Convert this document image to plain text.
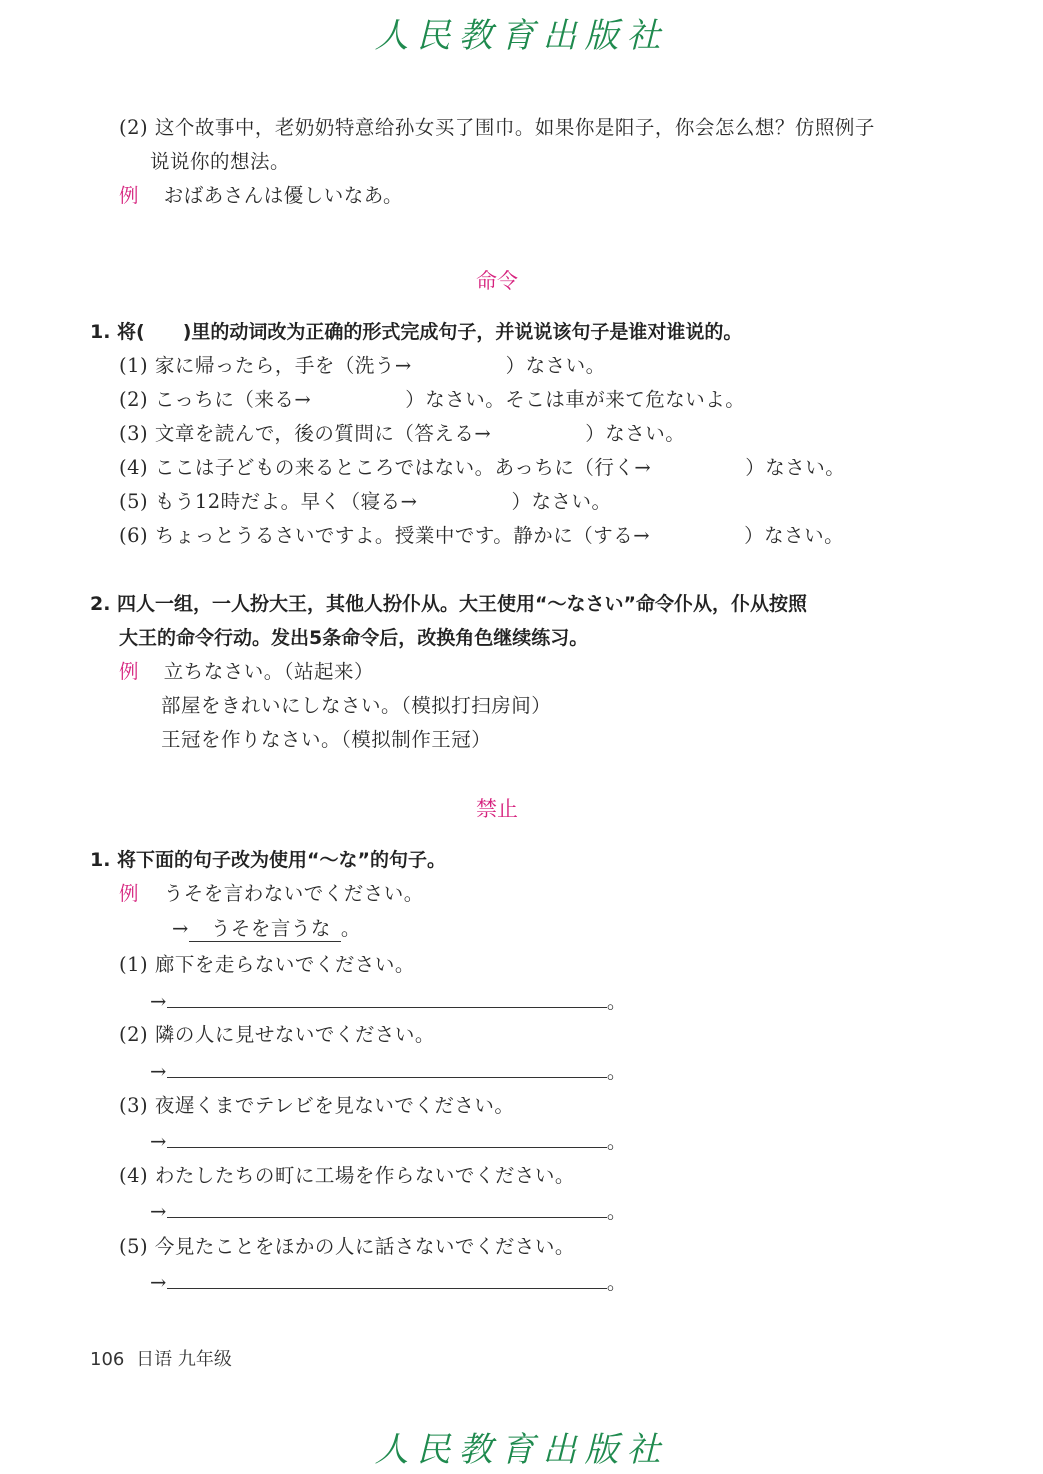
人民教育出版社
(2) 这个故事中，老奶奶特意给孙女买了围巾。如果你是阳子，你会怎么想？仿照例子
说说你的想法。
例 おばあさんは優しいなあ。
命令
1. 将(　　)里的动词改为正确的形式完成句子，并说说该句子是谁对谁说的。
(1) 家に帰ったら，手を（洗う→	）なさい。
(2) こっちに（来る→	）なさい。そこは車が来て危ないよ。
(3) 文章を読んで，後の質問に（答える→	）なさい。
(4) ここは子どもの来るところではない。あっちに（行く→	）なさい。
(5) もう12時だよ。早く（寝る→	）なさい。
(6) ちょっとうるさいですよ。授業中です。静かに（する→	）なさい。
2. 四人一组，一人扮大王，其他人扮仆从。大王使用“～なさい”命令仆从，仆从按照
大王的命令行动。发出5条命令后，改换角色继续练习。
例 立ちなさい。（站起来）
部屋をきれいにしなさい。（模拟打扫房间）
王冠を作りなさい。（模拟制作王冠）
禁止
1. 将下面的句子改为使用“～な”的句子。
例 うそを言わないでください。
→ うそを言うな 。
(1) 廊下を走らないでください。
→	。
(2) 隣の人に見せないでください。
→	。
(3) 夜遅くまでテレビを見ないでください。
→	。
(4) わたしたちの町に工場を作らないでください。
→	。
(5) 今見たことをほかの人に話さないでください。
→	。
106 日语 九年级
人民教育出版社
